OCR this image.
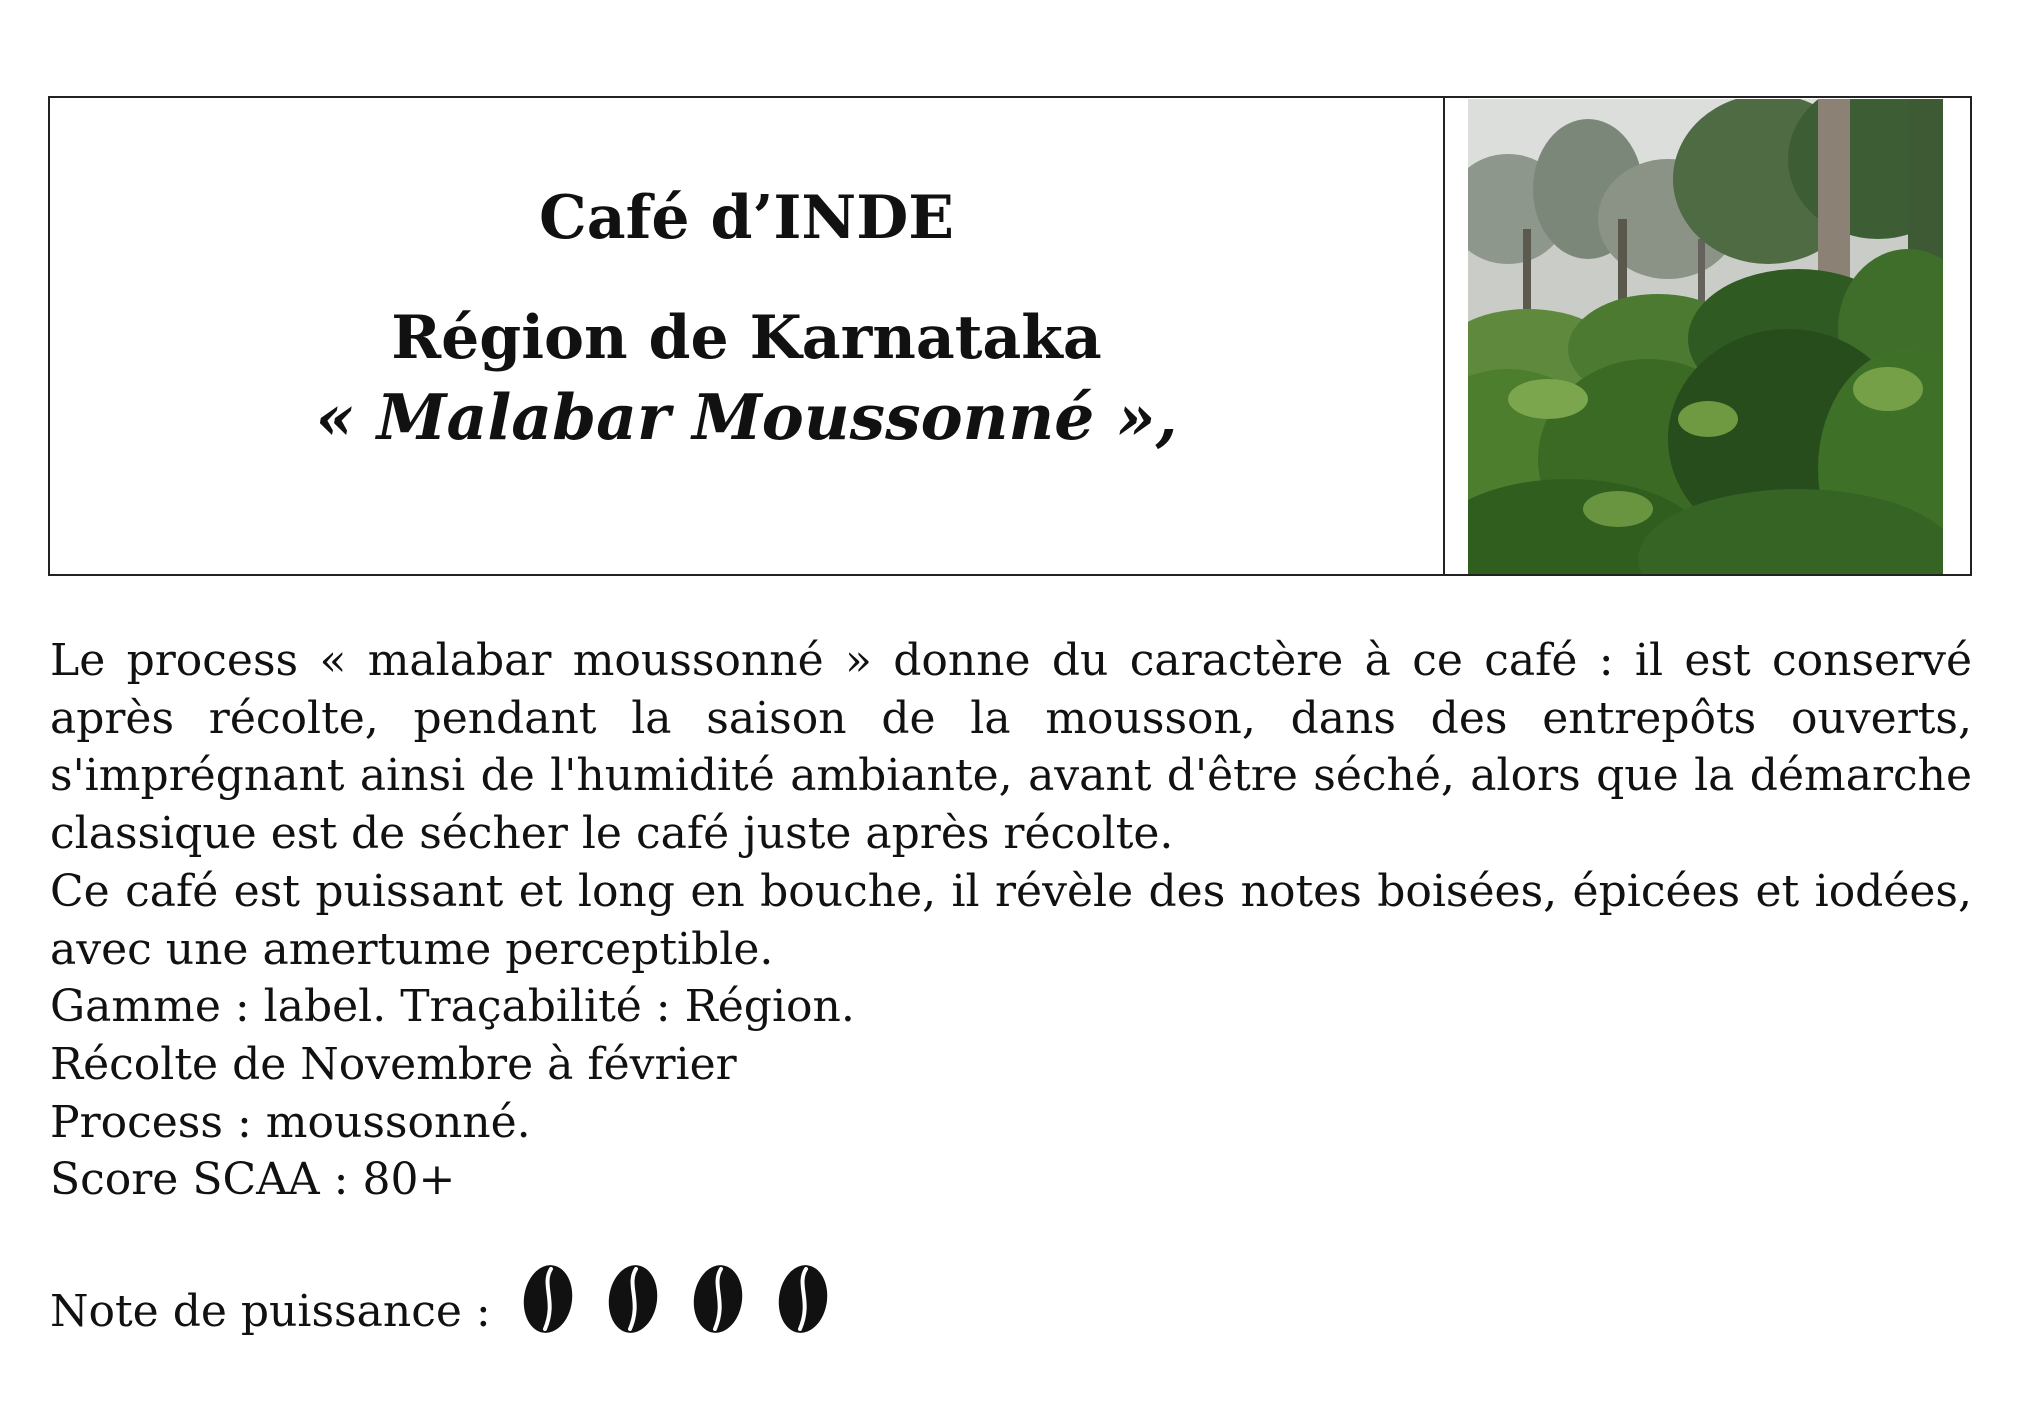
Café d’INDE
Région de Karnataka
« Malabar Moussonné »,

Le process « malabar moussonné » donne du caractère à ce café : il est conservé après récolte, pendant la saison de la mousson, dans des entrepôts ouverts, s'imprégnant ainsi de l'humidité ambiante, avant d'être séché, alors que la démarche classique est de sécher le café juste après récolte.

Ce café est puissant et long en bouche, il révèle des notes boisées, épicées et iodées, avec une amertume perceptible.

Gamme : label. Traçabilité : Région.

Récolte de Novembre à février

Process : moussonné.

Score SCAA : 80+

Note de puissance :
